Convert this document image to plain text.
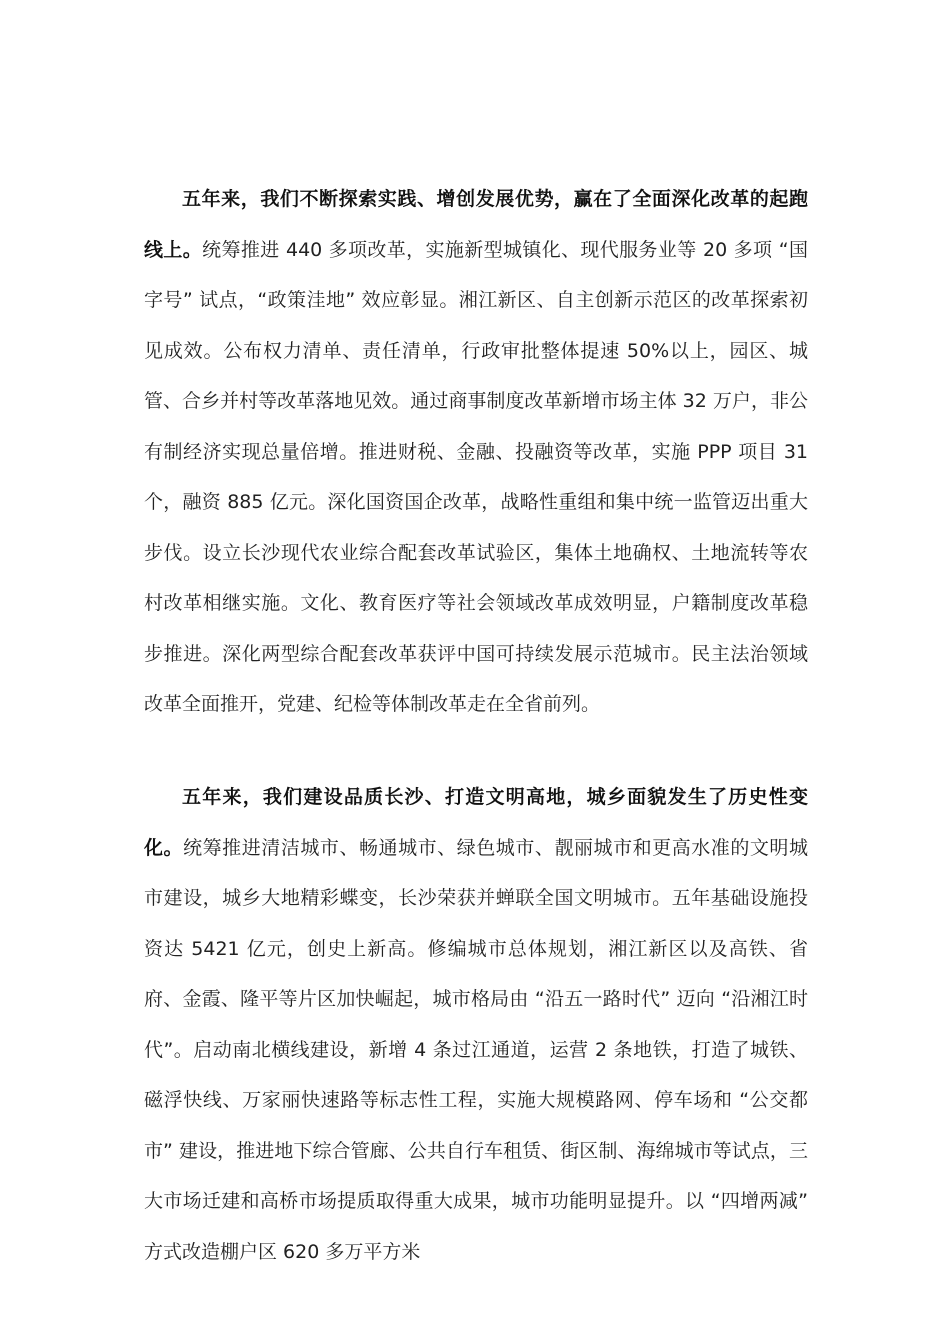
五年来，我们不断探索实践、增创发展优势，赢在了全面深化改革的起跑线上。统筹推进 440 多项改革，实施新型城镇化、现代服务业等 20 多项 “国字号” 试点，“政策洼地” 效应彰显。湘江新区、自主创新示范区的改革探索初见成效。公布权力清单、责任清单，行政审批整体提速 50%以上，园区、城管、合乡并村等改革落地见效。通过商事制度改革新增市场主体 32 万户，非公有制经济实现总量倍增。推进财税、金融、投融资等改革，实施 PPP 项目 31 个，融资 885 亿元。深化国资国企改革，战略性重组和集中统一监管迈出重大步伐。设立长沙现代农业综合配套改革试验区，集体土地确权、土地流转等农村改革相继实施。文化、教育医疗等社会领域改革成效明显，户籍制度改革稳步推进。深化两型综合配套改革获评中国可持续发展示范城市。民主法治领域改革全面推开，党建、纪检等体制改革走在全省前列。

五年来，我们建设品质长沙、打造文明高地，城乡面貌发生了历史性变化。统筹推进清洁城市、畅通城市、绿色城市、靓丽城市和更高水准的文明城市建设，城乡大地精彩蝶变，长沙荣获并蝉联全国文明城市。五年基础设施投资达 5421 亿元，创史上新高。修编城市总体规划，湘江新区以及高铁、省府、金霞、隆平等片区加快崛起，城市格局由 “沿五一路时代” 迈向 “沿湘江时代”。启动南北横线建设，新增 4 条过江通道，运营 2 条地铁，打造了城铁、磁浮快线、万家丽快速路等标志性工程，实施大规模路网、停车场和 “公交都市” 建设，推进地下综合管廊、公共自行车租赁、街区制、海绵城市等试点，三大市场迁建和高桥市场提质取得重大成果，城市功能明显提升。以 “四增两减” 方式改造棚户区 620 多万平方米
